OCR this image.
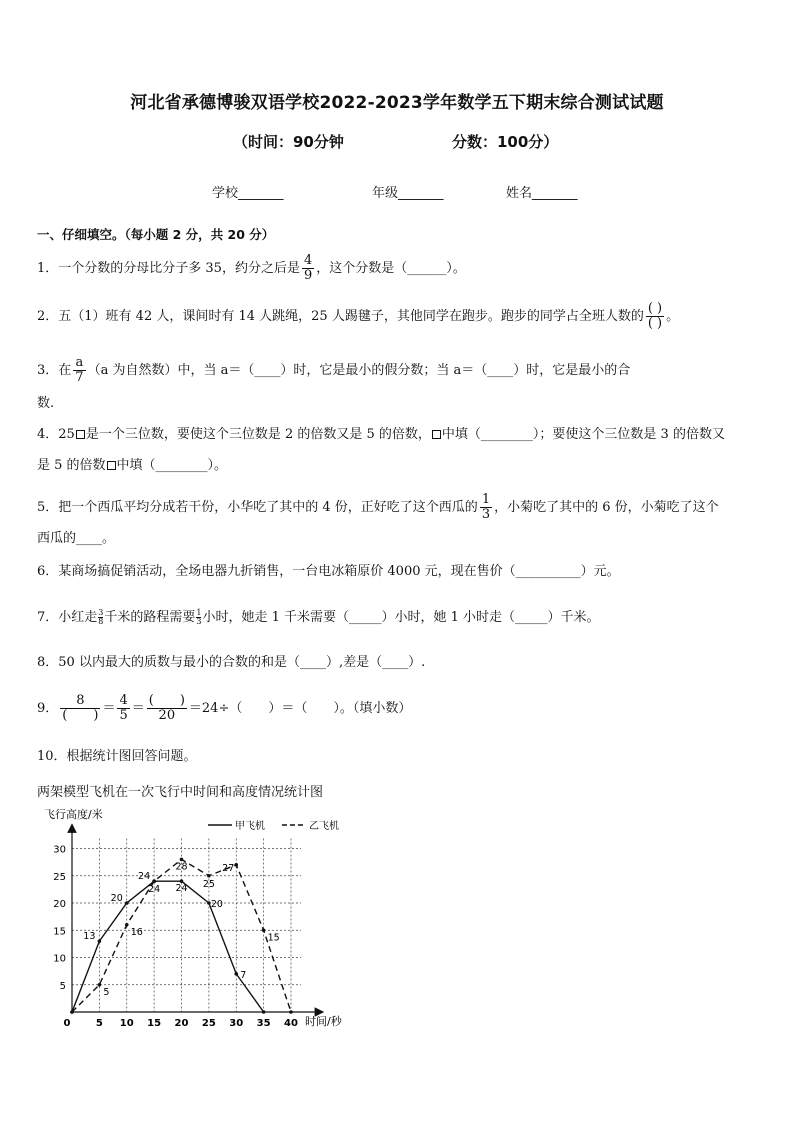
河北省承德博骏双语学校2022-2023学年数学五下期末综合测试试题
（时间：90分钟	分数：100分）
学校_______	年级_______	姓名_______
一、仔细填空。（每小题 2 分，共 20 分）
1．一个分数的分母比分子多 35，约分之后是 $\frac{4}{9}$ ，这个分数是（______）。
2．五（1）班有 42 人，课间时有 14 人跳绳，25 人踢毽子，其他同学在跑步。跑步的同学占全班人数的 $\frac{( )}{( )}$ 。
3．在 $\frac{a}{7} (a$ 为自然数）中，当 a＝（____）时，它是最小的假分数；当 a＝（____）时，它是最小的合
数.
4．25 是一个三位数，要使这个三位数是 2 的倍数又是 5 的倍数， 中填（________）；要使这个三位数是 3 的倍数又
是 5 的倍数 中填（________）。
5．把一个西瓜平均分成若干份，小华吃了其中的 4 份，正好吃了这个西瓜的 $\frac{1}{3}$ ，小菊吃了其中的 6 份，小菊吃了这个
西瓜的____。
6．某商场搞促销活动，全场电器九折销售，一台电冰箱原价 4000 元，现在售价（__________）元。
7．小红走 $\frac{3}{8}$ 千米的路程需要 $\frac{1}{3}$ 小时，她走 1 千米需要（_____）小时，她 1 小时走（_____）千米。
8．50 以内最大的质数与最小的合数的和是（____）,差是（____）.
9． $\frac{8}{( )} = \frac{4}{5} = \frac{( )}{20} =24\div$（　　）＝（　　）。（填小数）
10．根据统计图回答问题。
两架模型飞机在一次飞行中时间和高度情况统计图
0	5 10 15 20 25 30 35 40
5
10
15
20
25
30
13
20
24
24
20
7
5
16
24
28
25
27
15
甲飞机	乙飞机
飞行高度/米
时间/秒
